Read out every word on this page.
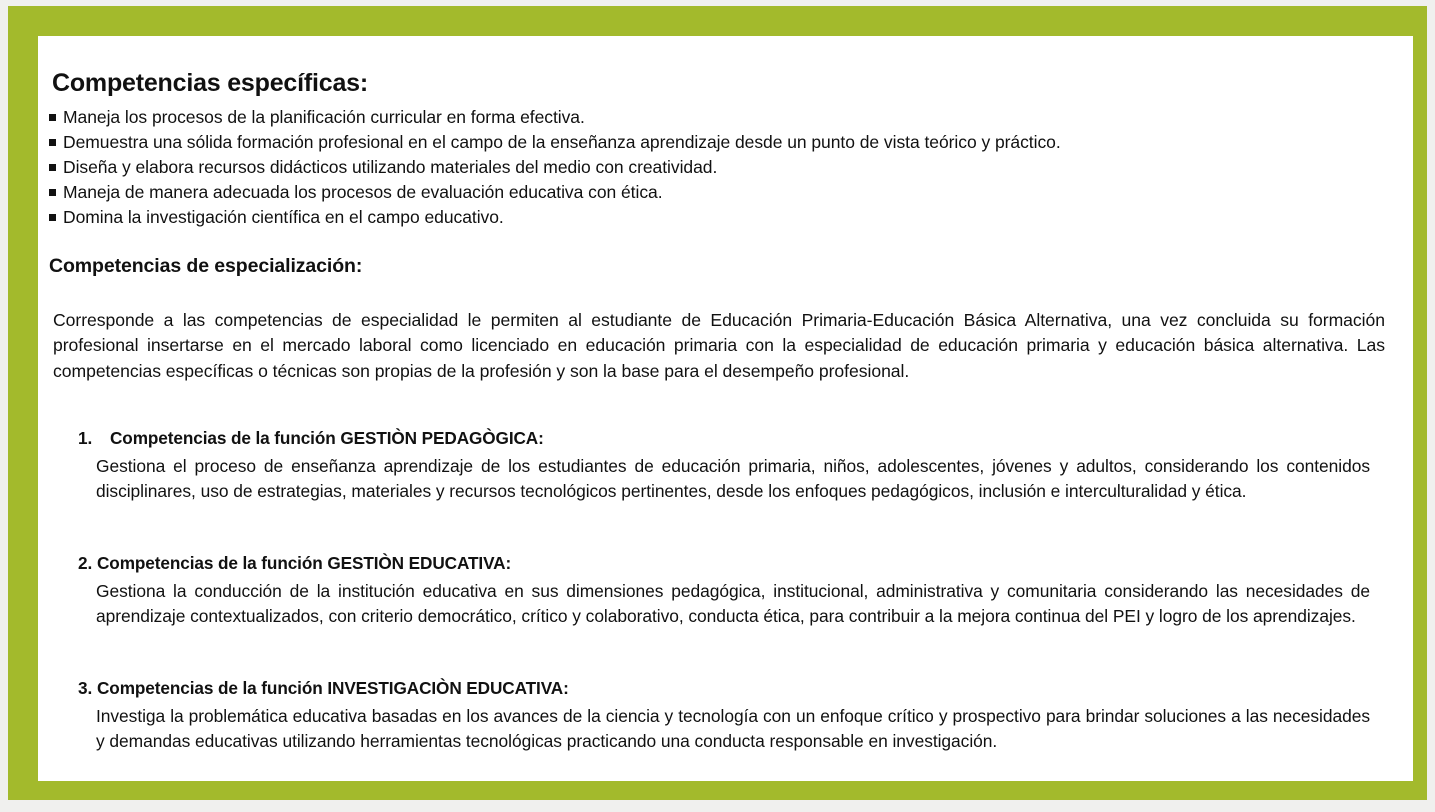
Competencias específicas:
Maneja los procesos de la planificación curricular en forma efectiva.
Demuestra una sólida formación profesional en el campo de la enseñanza aprendizaje desde un punto de vista teórico y práctico.
Diseña y elabora recursos didácticos utilizando materiales del medio con creatividad.
Maneja de manera adecuada los procesos de evaluación educativa con ética.
Domina la investigación científica en el campo educativo.
Competencias de especialización:
Corresponde a las competencias de especialidad le permiten al estudiante de Educación Primaria-Educación Básica Alternativa, una vez concluida su formación profesional insertarse en el mercado laboral como licenciado en educación primaria con la especialidad de educación primaria y educación básica alternativa. Las competencias específicas o técnicas son propias de la profesión y son la base para el desempeño profesional.
1. Competencias de la función GESTIÒN PEDAGÒGICA:
Gestiona el proceso de enseñanza aprendizaje de los estudiantes de educación primaria, niños, adolescentes, jóvenes y adultos, considerando los contenidos disciplinares, uso de estrategias, materiales y recursos tecnológicos pertinentes, desde los enfoques pedagógicos, inclusión e interculturalidad y ética.
2. Competencias de la función GESTIÒN EDUCATIVA:
Gestiona la conducción de la institución educativa en sus dimensiones pedagógica, institucional, administrativa y comunitaria considerando las necesidades de aprendizaje contextualizados, con criterio democrático, crítico y colaborativo, conducta ética, para contribuir a la mejora continua del PEI y logro de los aprendizajes.
3. Competencias de la función INVESTIGACIÒN EDUCATIVA:
Investiga la problemática educativa basadas en los avances de la ciencia y tecnología con un enfoque crítico y prospectivo para brindar soluciones a las necesidades y demandas educativas utilizando herramientas tecnológicas practicando una conducta responsable en investigación.
